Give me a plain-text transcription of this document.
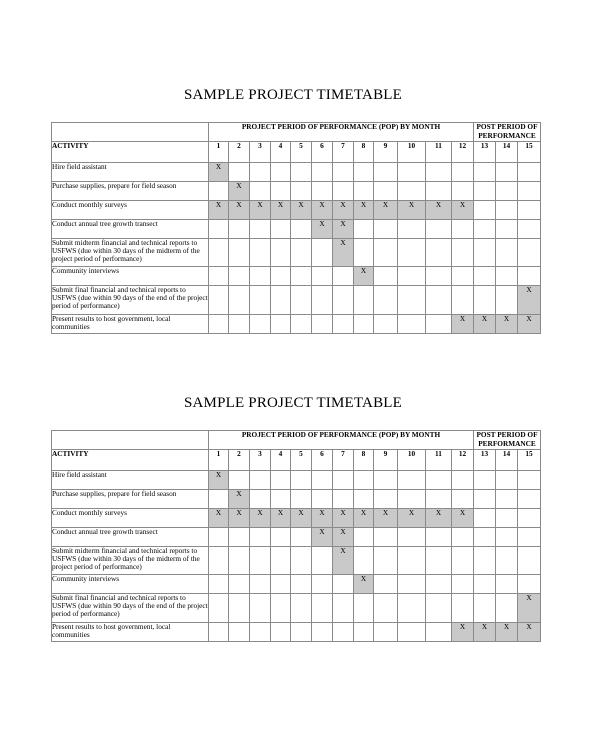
SAMPLE PROJECT TIMETABLE
	PROJECT PERIOD OF PERFORMANCE (POP) BY MONTH												POST PERIOD OF PERFORMANCE		
ACTIVITY	1	2	3	4	5	6	7	8	9	10	11	12	13	14	15
Hire field assistant	X														
Purchase supplies, prepare for field season		X													
Conduct monthly surveys	X	X	X	X	X	X	X	X	X	X	X	X			
Conduct annual tree growth transect						X	X								
Submit midterm financial and technical reports to USFWS (due within 30 days of the midterm of the project period of performance)							X								
Community interviews								X							
Submit final financial and technical reports to USFWS (due within 90 days of the end of the project period of performance)															X
Present results to host government, local communities												X	X	X	X
SAMPLE PROJECT TIMETABLE
	PROJECT PERIOD OF PERFORMANCE (POP) BY MONTH												POST PERIOD OF PERFORMANCE		
ACTIVITY	1	2	3	4	5	6	7	8	9	10	11	12	13	14	15
Hire field assistant	X														
Purchase supplies, prepare for field season		X													
Conduct monthly surveys	X	X	X	X	X	X	X	X	X	X	X	X			
Conduct annual tree growth transect						X	X								
Submit midterm financial and technical reports to USFWS (due within 30 days of the midterm of the project period of performance)							X								
Community interviews								X							
Submit final financial and technical reports to USFWS (due within 90 days of the end of the project period of performance)															X
Present results to host government, local communities												X	X	X	X
